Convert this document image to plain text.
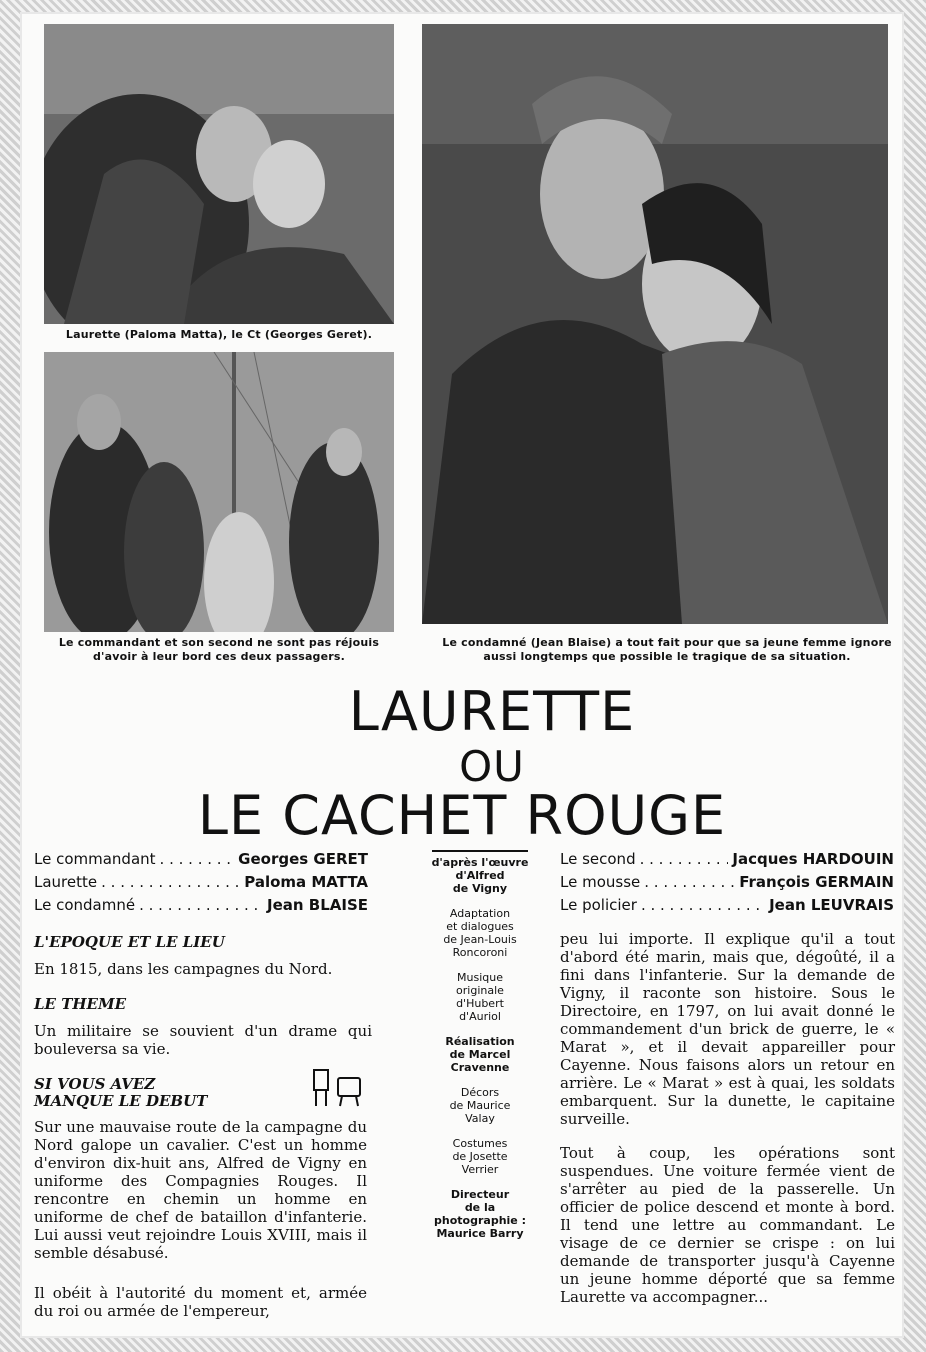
Laurette (Paloma Matta), le Ct (Georges Geret).
Le commandant et son second ne sont pas réjouis d'avoir à leur bord ces deux passagers.
Le condamné (Jean Blaise) a tout fait pour que sa jeune femme ignore aussi longtemps que possible le tragique de sa situation.
LAURETTE
OU
LE CACHET ROUGE
Le commandant . . .	Georges GERET
Laurette . . .	Paloma MATTA
Le condamné . . .	Jean BLAISE
Le second . . .	Jacques HARDOUIN
Le mousse . . .	François GERMAIN
Le policier . . .	Jean LEUVRAIS
L'EPOQUE ET LE LIEU
En 1815, dans les campagnes du Nord.
LE THEME
Un militaire se souvient d'un drame qui bouleversa sa vie.
SI VOUS AVEZ
MANQUE LE DEBUT
Sur une mauvaise route de la campagne du Nord galope un cavalier. C'est un homme d'environ dix-huit ans, Alfred de Vigny en uniforme des Compagnies Rouges. Il rencontre en chemin un homme en uniforme de chef de bataillon d'infanterie. Lui aussi veut rejoindre Louis XVIII, mais il semble désabusé.
Il obéit à l'autorité du moment et, armée du roi ou armée de l'empereur,
d'après l'œuvre
d'Alfred
de Vigny
Adaptation
et dialogues
de Jean-Louis
Roncoroni
Musique
originale
d'Hubert
d'Auriol
Réalisation
de Marcel
Cravenne
Décors
de Maurice
Valay
Costumes
de Josette
Verrier
Directeur
de la
photographie :
Maurice Barry
peu lui importe. Il explique qu'il a tout d'abord été marin, mais que, dégoûté, il a fini dans l'infanterie. Sur la demande de Vigny, il raconte son histoire. Sous le Directoire, en 1797, on lui avait donné le commandement d'un brick de guerre, le « Marat », et il devait appareiller pour Cayenne. Nous faisons alors un retour en arrière. Le « Marat » est à quai, les soldats embarquent. Sur la dunette, le capitaine surveille.
Tout à coup, les opérations sont suspendues. Une voiture fermée vient de s'arrêter au pied de la passerelle. Un officier de police descend et monte à bord. Il tend une lettre au commandant. Le visage de ce dernier se crispe : on lui demande de transporter jusqu'à Cayenne un jeune homme déporté que sa femme Laurette va accompagner...
